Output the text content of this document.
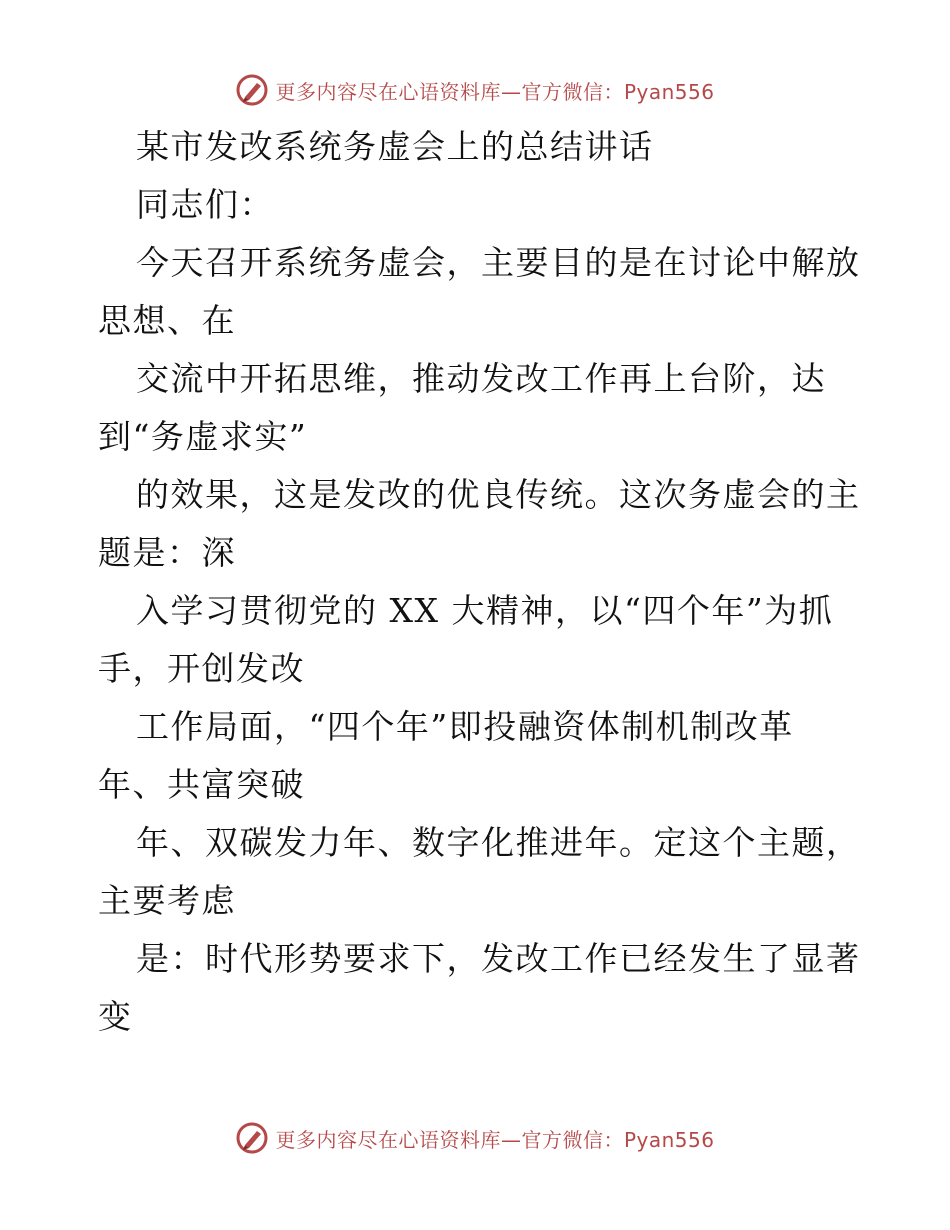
更多内容尽在心语资料库—官方微信：Pyan556
某市发改系统务虚会上的总结讲话
同志们：
今天召开系统务虚会，主要目的是在讨论中解放
思想、在
交流中开拓思维，推动发改工作再上台阶，达
到“务虚求实”
的效果，这是发改的优良传统。这次务虚会的主
题是：深
入学习贯彻党的 XX 大精神，以“四个年”为抓
手，开创发改
工作局面，“四个年”即投融资体制机制改革
年、共富突破
年、双碳发力年、数字化推进年。定这个主题，
主要考虑
是：时代形势要求下，发改工作已经发生了显著
变
更多内容尽在心语资料库—官方微信：Pyan556
